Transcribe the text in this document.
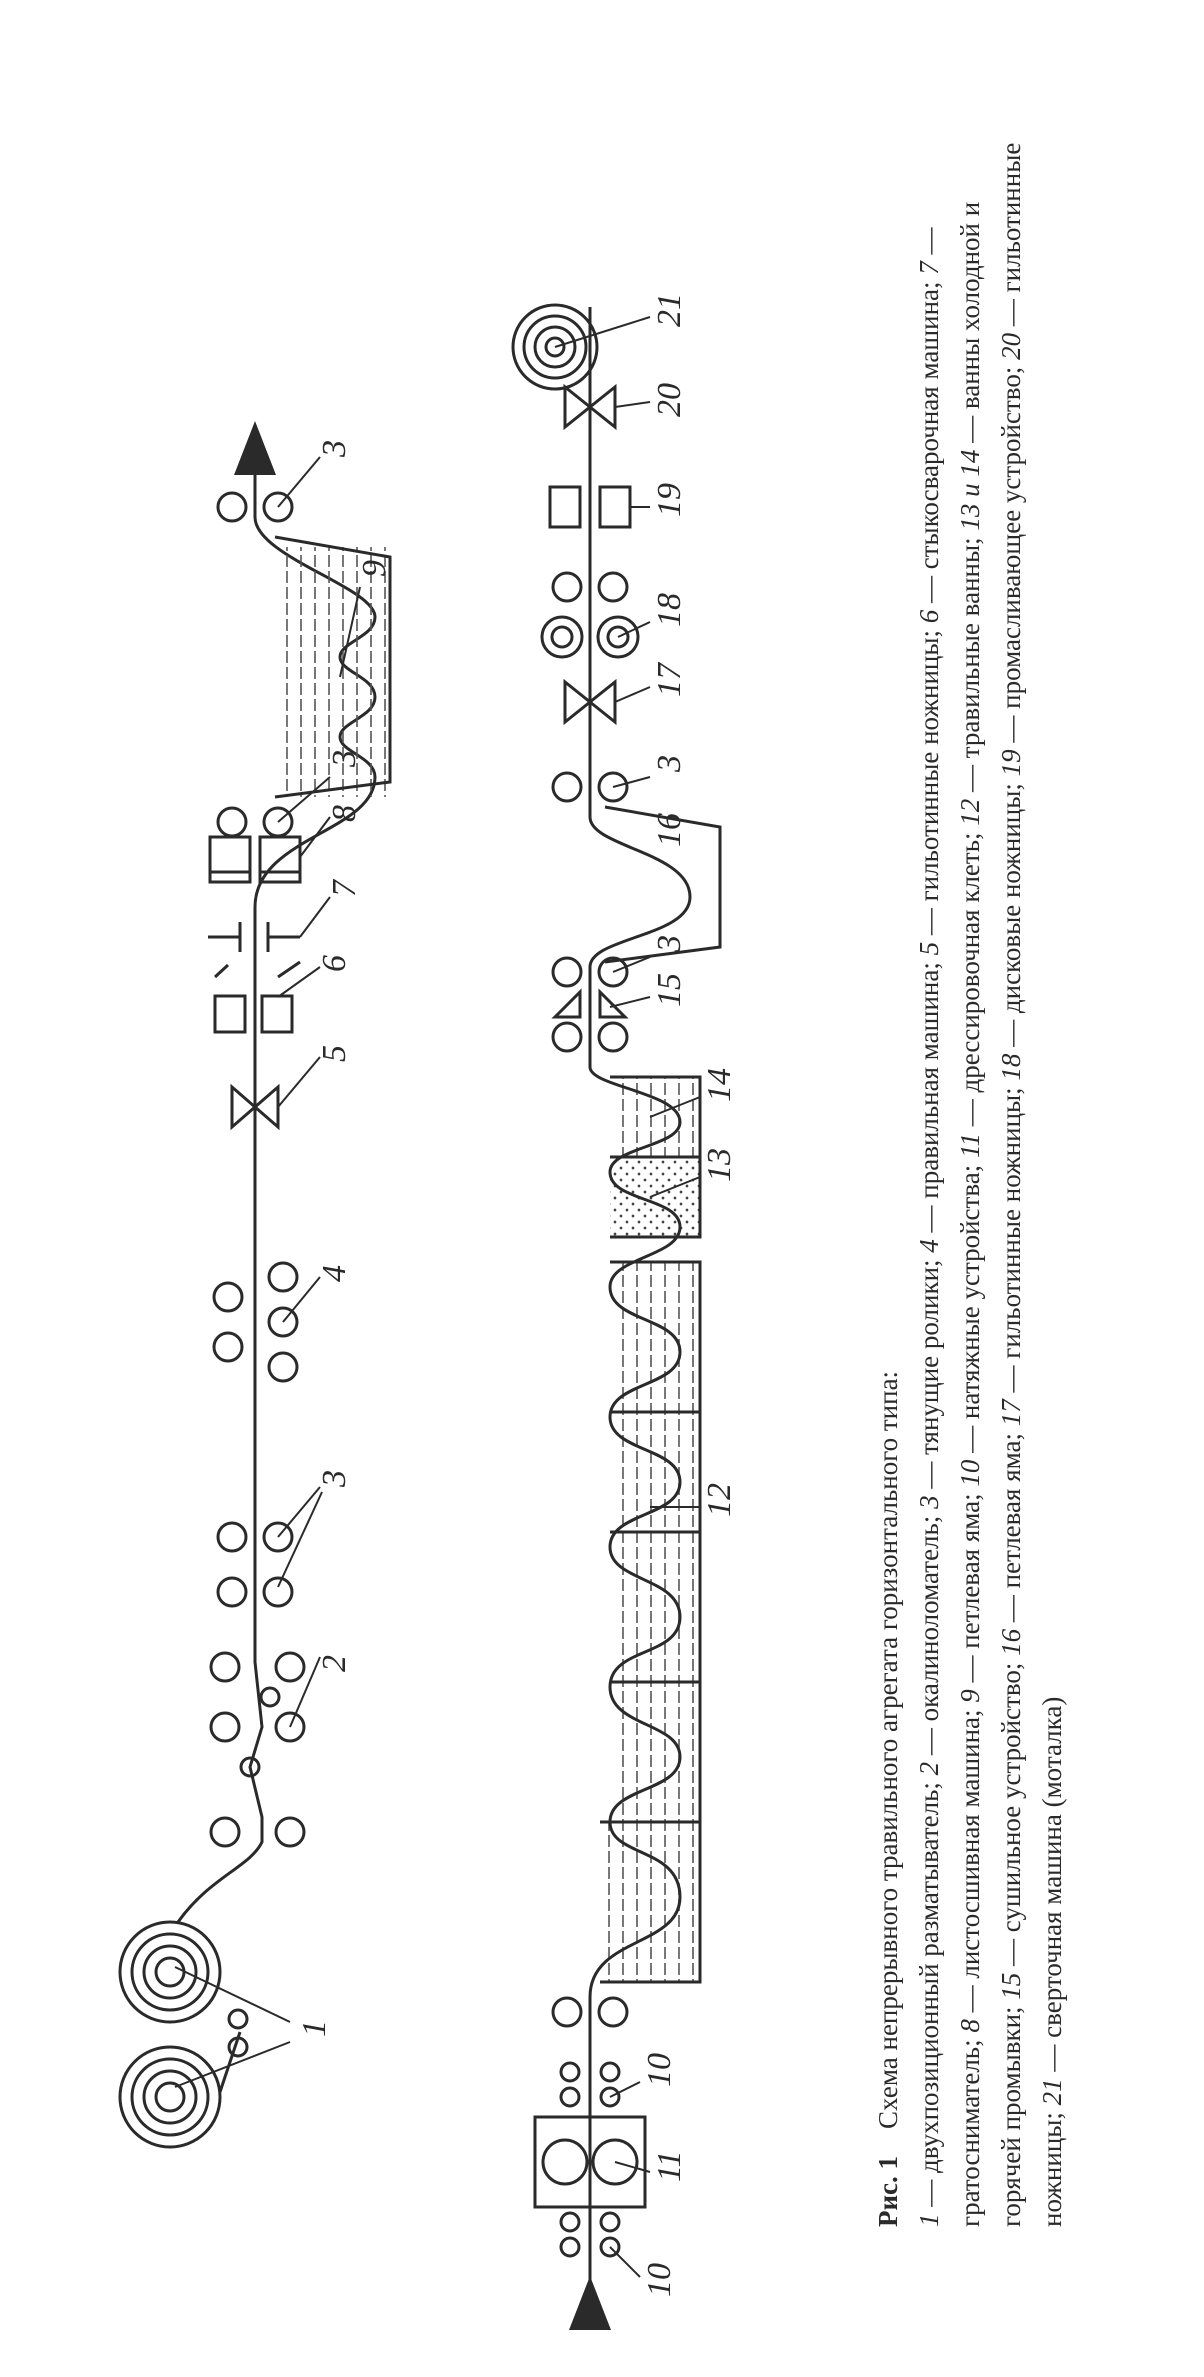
1
2
3
4
5
6
7
8
3
9
3
10
11
10
12
13
14
15
3
16
3
17
18
19
20
21
Рис. 1    Схема непрерывного травильного агрегата горизонтального типа:
1 — двухпозиционный разматыватель; 2 — окалиноломатель; 3 — тянущие ролики; 4 — правильная машина; 5 — гильотинные ножницы; 6 — стыкосварочная машина; 7 — гратосниматель; 8 — листосшивная машина; 9 — петлевая яма; 10 — натяжные устройства; 11 — дрессировочная клеть; 12 — травильные ванны; 13 и 14 — ванны холодной и горячей промывки; 15 — сушильное устройство; 16 — петлевая яма; 17 — гильотинные ножницы; 18 — дисковые ножницы; 19 — промасливающее устройство; 20 — гильотинные ножницы; 21 — сверточная машина (моталка)
